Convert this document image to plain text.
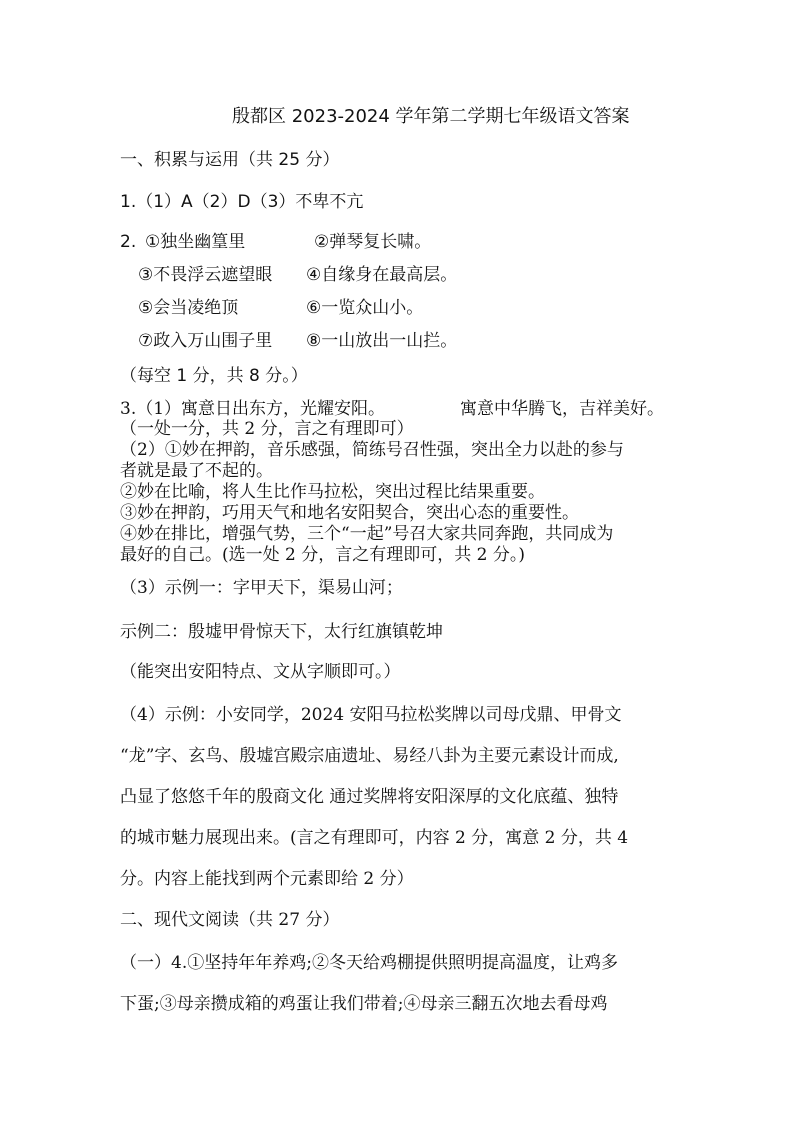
殷都区 2023-2024 学年第二学期七年级语文答案
一、积累与运用（共 25 分）
1.（1）A（2）D（3）不卑不亢
2. ①独坐幽篁里	②弹琴复长啸。
③不畏浮云遮望眼 ④自缘身在最高层。
⑤会当凌绝顶	⑥一览众山小。
⑦政入万山围子里 ⑧一山放出一山拦。
（每空 1 分，共 8 分。）
3.（1）寓意日出东方，光耀安阳。	寓意中华腾飞，吉祥美好。
（一处一分，共 2 分，言之有理即可）
（2）①妙在押韵，音乐感强，简练号召性强，突出全力以赴的参与
者就是最了不起的。
②妙在比喻，将人生比作马拉松，突出过程比结果重要。
③妙在押韵，巧用天气和地名安阳契合，突出心态的重要性。
④妙在排比，增强气势，三个“一起”号召大家共同奔跑，共同成为
最好的自己。(选一处 2 分，言之有理即可，共 2 分。)
（3）示例一：字甲天下，渠易山河；
示例二：殷墟甲骨惊天下，太行红旗镇乾坤
（能突出安阳特点、文从字顺即可。）
（4）示例：小安同学，2024 安阳马拉松奖牌以司母戊鼎、甲骨文
“龙”字、玄鸟、殷墟宫殿宗庙遗址、易经八卦为主要元素设计而成,
凸显了悠悠千年的殷商文化 通过奖牌将安阳深厚的文化底蕴、独特
的城市魅力展现出来。(言之有理即可，内容 2 分，寓意 2 分，共 4
分。内容上能找到两个元素即给 2 分）
二、现代文阅读（共 27 分）
（一）4.①坚持年年养鸡;②冬天给鸡棚提供照明提高温度，让鸡多
下蛋;③母亲攒成箱的鸡蛋让我们带着;④母亲三翻五次地去看母鸡
